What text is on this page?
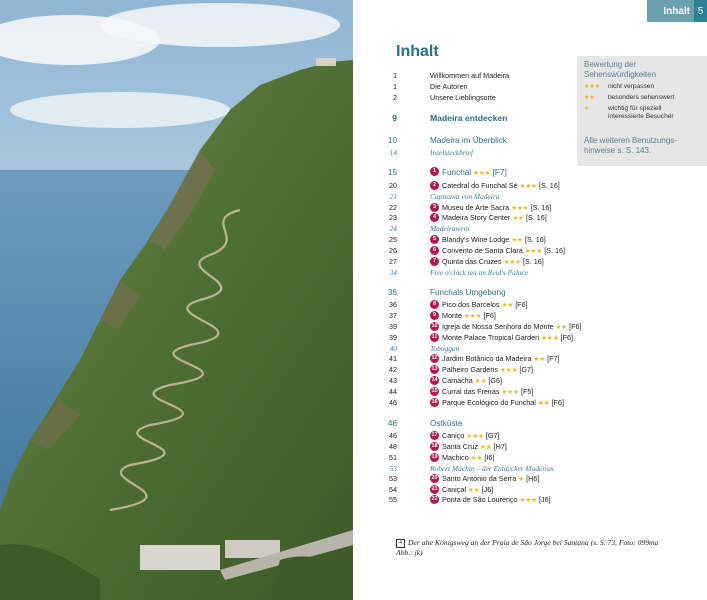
Inhalt 5
Inhalt
Bewertung der Sehenswürdigkeiten
★★★ nicht verpassen
★★ besonders sehenswert
★	wichtig für speziell interessierte Besucher
Alle weiteren Benutzungs-hinweise s. S. 143.
1	Willkommen auf Madeira
1	Die Autoren
2	Unsere Lieblingsorte
9	Madeira entdecken
10	Madeira im Überblick
14	Inselsteckbrief
15	1 Funchal ★★★ [F7]
20	2 Catedral do Funchal Sé ★★★ [S. 16]
21	Capitania von Madeira
22	3 Museu de Arte Sacra ★★★ [S. 16]
23	4 Madeira Story Center ★★ [S. 16]
24	Madeirawein
25	5 Blandy's Wine Lodge ★★ [S. 16]
26	6 Convento de Santa Clara ★★★ [S. 16]
27	7 Quinta das Cruzes ★★★ [S. 16]
34	Five o'clock tea im Reid's Palace
36	Funchals Umgebung
36	8 Pico dos Barcelos ★★ [F6]
37	9 Monte ★★★ [F6]
39	10 Igreja de Nossa Senhora do Monte ★★ [F6]
39	11 Monte Palace Tropical Garden ★★★ [F6]
40	Toboggan
41	12 Jardim Botânico da Madeira ★★ [F7]
42	13 Palheiro Gardens ★★★ [G7]
43	14 Camacha ★★ [G6]
44	15 Curral das Freiras ★★★ [F5]
46	16 Parque Ecológico do Funchal ★★ [F6]
46	Ostküste
46	17 Caniço ★★★ [G7]
48	18 Santa Cruz ★★ [H7]
51	19 Machico ★★ [I6]
53	Robert Machin – der Entdecker Madeiras
53	20 Santo António da Serra ★ [H6]
54	21 Caniçal ★★ [J6]
55	22 Ponta de São Lourenço ★★★ [J6]
4 Der alte Königsweg an der Praia de São Jorge bei Santana (s. S. 73, Foto: 099ma Abb.: jk)
